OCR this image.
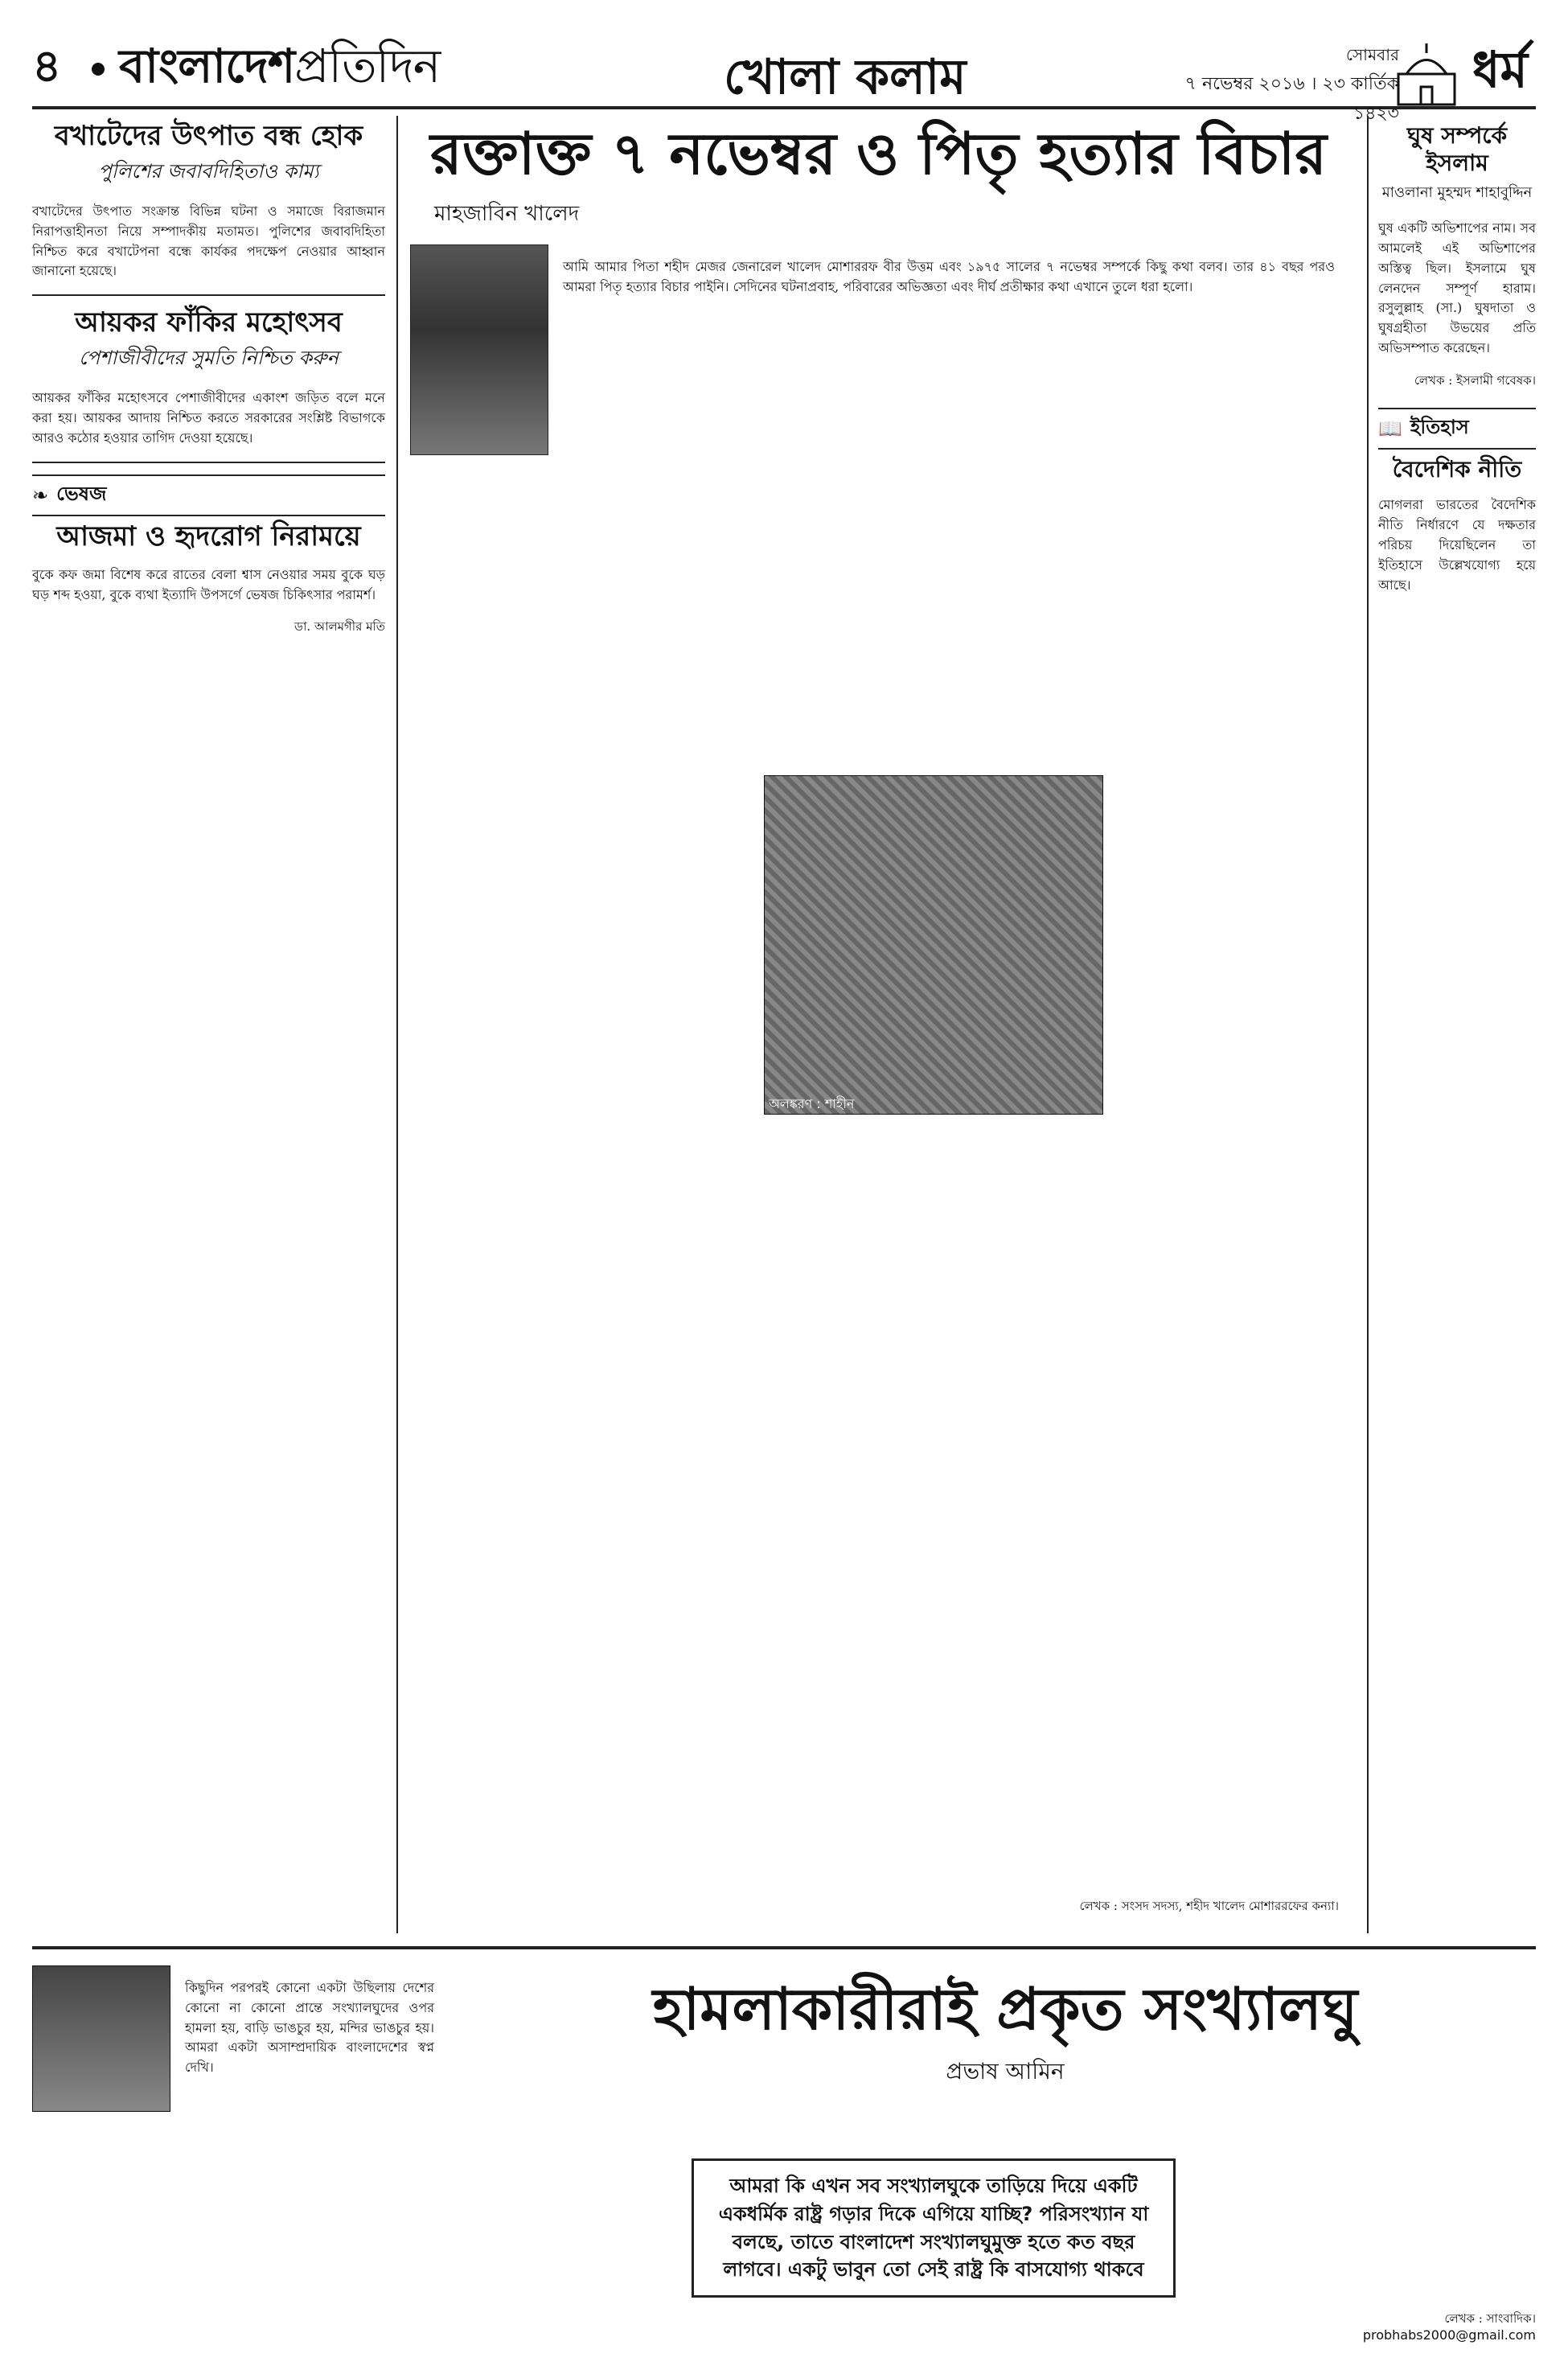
৪	বাংলাদেশপ্রতিদিন	খোলা কলাম	সোমবার
৭ নভেম্বর ২০১৬ । ২৩ কার্তিক ১৪২৩
ধর্ম
বখাটেদের উৎপাত বন্ধ হোক
পুলিশের জবাবদিহিতাও কাম্য

বখাটেদের উৎপাত সংক্রান্ত বিভিন্ন ঘটনা ও সমাজে বিরাজমান নিরাপত্তাহীনতা নিয়ে সম্পাদকীয় মতামত। পুলিশের জবাবদিহিতা নিশ্চিত করে বখাটেপনা বন্ধে কার্যকর পদক্ষেপ নেওয়ার আহ্বান জানানো হয়েছে।

আয়কর ফাঁকির মহোৎসব
পেশাজীবীদের সুমতি নিশ্চিত করুন

আয়কর ফাঁকির মহোৎসবে পেশাজীবীদের একাংশ জড়িত বলে মনে করা হয়। আয়কর আদায় নিশ্চিত করতে সরকারের সংশ্লিষ্ট বিভাগকে আরও কঠোর হওয়ার তাগিদ দেওয়া হয়েছে।

❧ ভেষজ
আজমা ও হৃদরোগ নিরাময়ে

বুকে কফ জমা বিশেষ করে রাতের বেলা শ্বাস নেওয়ার সময় বুকে ঘড় ঘড় শব্দ হওয়া, বুকে ব্যথা ইত্যাদি উপসর্গে ভেষজ চিকিৎসার পরামর্শ।

ডা. আলমগীর মতি
রক্তাক্ত ৭ নভেম্বর ও পিতৃ হত্যার বিচার
মাহজাবিন খালেদ

আমি আমার পিতা শহীদ মেজর জেনারেল খালেদ মোশাররফ বীর উত্তম এবং ১৯৭৫ সালের ৭ নভেম্বর সম্পর্কে কিছু কথা বলব। তার ৪১ বছর পরও আমরা পিতৃ হত্যার বিচার পাইনি। সেদিনের ঘটনাপ্রবাহ, পরিবারের অভিজ্ঞতা এবং দীর্ঘ প্রতীক্ষার কথা এখানে তুলে ধরা হলো।

অলঙ্করণ : শাহীন
লেখক : সংসদ সদস্য, শহীদ খালেদ মোশাররফের কন্যা।
ঘুষ সম্পর্কে ইসলাম
মাওলানা মুহম্মদ শাহাবুদ্দিন

ঘুষ একটি অভিশাপের নাম। সব আমলেই এই অভিশাপের অস্তিত্ব ছিল। ইসলামে ঘুষ লেনদেন সম্পূর্ণ হারাম। রসুলুল্লাহ (সা.) ঘুষদাতা ও ঘুষগ্রহীতা উভয়ের প্রতি অভিসম্পাত করেছেন।

লেখক : ইসলামী গবেষক।
📖 ইতিহাস
বৈদেশিক নীতি

মোগলরা ভারতের বৈদেশিক নীতি নির্ধারণে যে দক্ষতার পরিচয় দিয়েছিলেন তা ইতিহাসে উল্লেখযোগ্য হয়ে আছে।

হামলাকারীরাই প্রকৃত সংখ্যালঘু
প্রভাষ আমিন

কিছুদিন পরপরই কোনো একটা উছিলায় দেশের কোনো না কোনো প্রান্তে সংখ্যালঘুদের ওপর হামলা হয়, বাড়ি ভাঙচুর হয়, মন্দির ভাঙচুর হয়। আমরা একটা অসাম্প্রদায়িক বাংলাদেশের স্বপ্ন দেখি।

আমরা কি এখন সব সংখ্যালঘুকে তাড়িয়ে দিয়ে একটি একধর্মিক রাষ্ট্র গড়ার দিকে এগিয়ে যাচ্ছি? পরিসংখ্যান যা বলছে, তাতে বাংলাদেশ সংখ্যালঘুমুক্ত হতে কত বছর লাগবে। একটু ভাবুন তো সেই রাষ্ট্র কি বাসযোগ্য থাকবে
লেখক : সাংবাদিক।
probhabs2000@gmail.com
